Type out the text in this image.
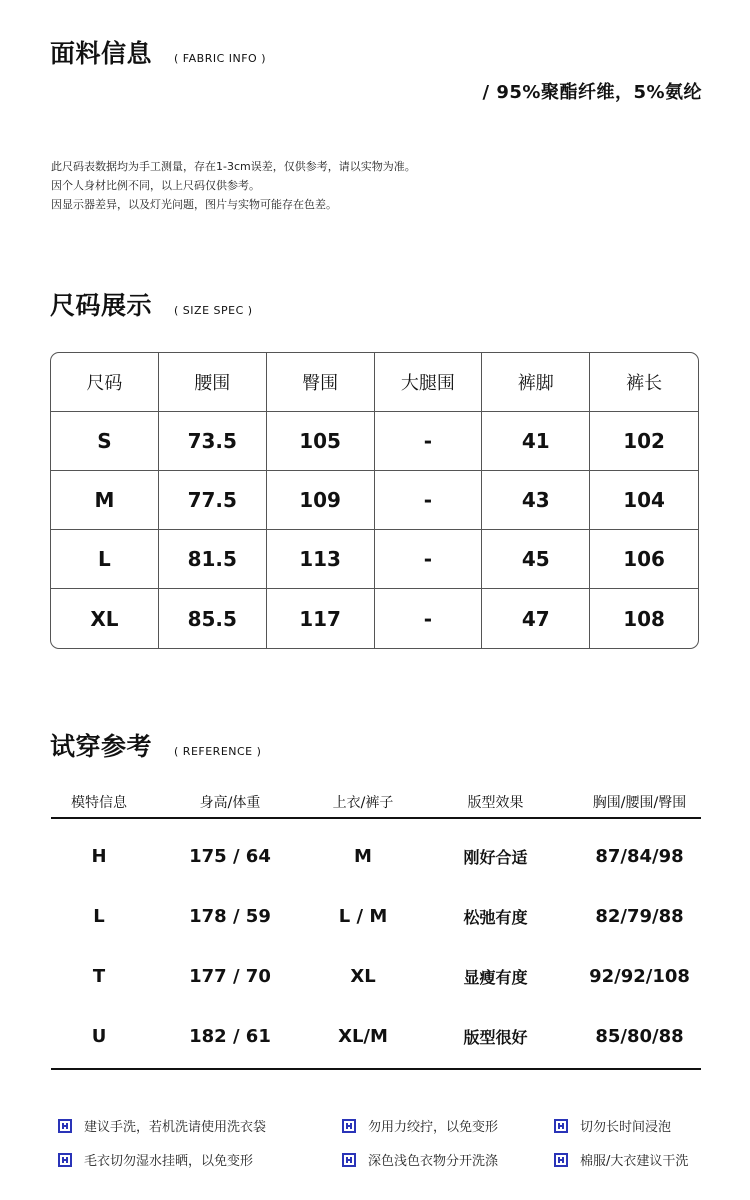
面料信息 ( FABRIC INFO )
/ 95%聚酯纤维，5%氨纶
此尺码表数据均为手工测量，存在1-3cm误差，仅供参考，请以实物为准。
因个人身材比例不同，以上尺码仅供参考。
因显示器差异，以及灯光问题，图片与实物可能存在色差。
尺码展示 ( SIZE SPEC )
尺码	腰围	臀围	大腿围	裤脚	裤长
S	73.5	105	-	41	102
M	77.5	109	-	43	104
L	81.5	113	-	45	106
XL	85.5	117	-	47	108
试穿参考 ( REFERENCE )
模特信息	身高/体重	上衣/裤子	版型效果	胸围/腰围/臀围
H	175 / 64	M	刚好合适	87/84/98
L	178 / 59	L / M	松弛有度	82/79/88
T	177 / 70	XL	显瘦有度	92/92/108
U	182 / 61	XL/M	版型很好	85/80/88
建议手洗，若机洗请使用洗衣袋	勿用力绞拧，以免变形	切勿长时间浸泡
毛衣切勿湿水挂晒，以免变形	深色浅色衣物分开洗涤	棉服/大衣建议干洗
